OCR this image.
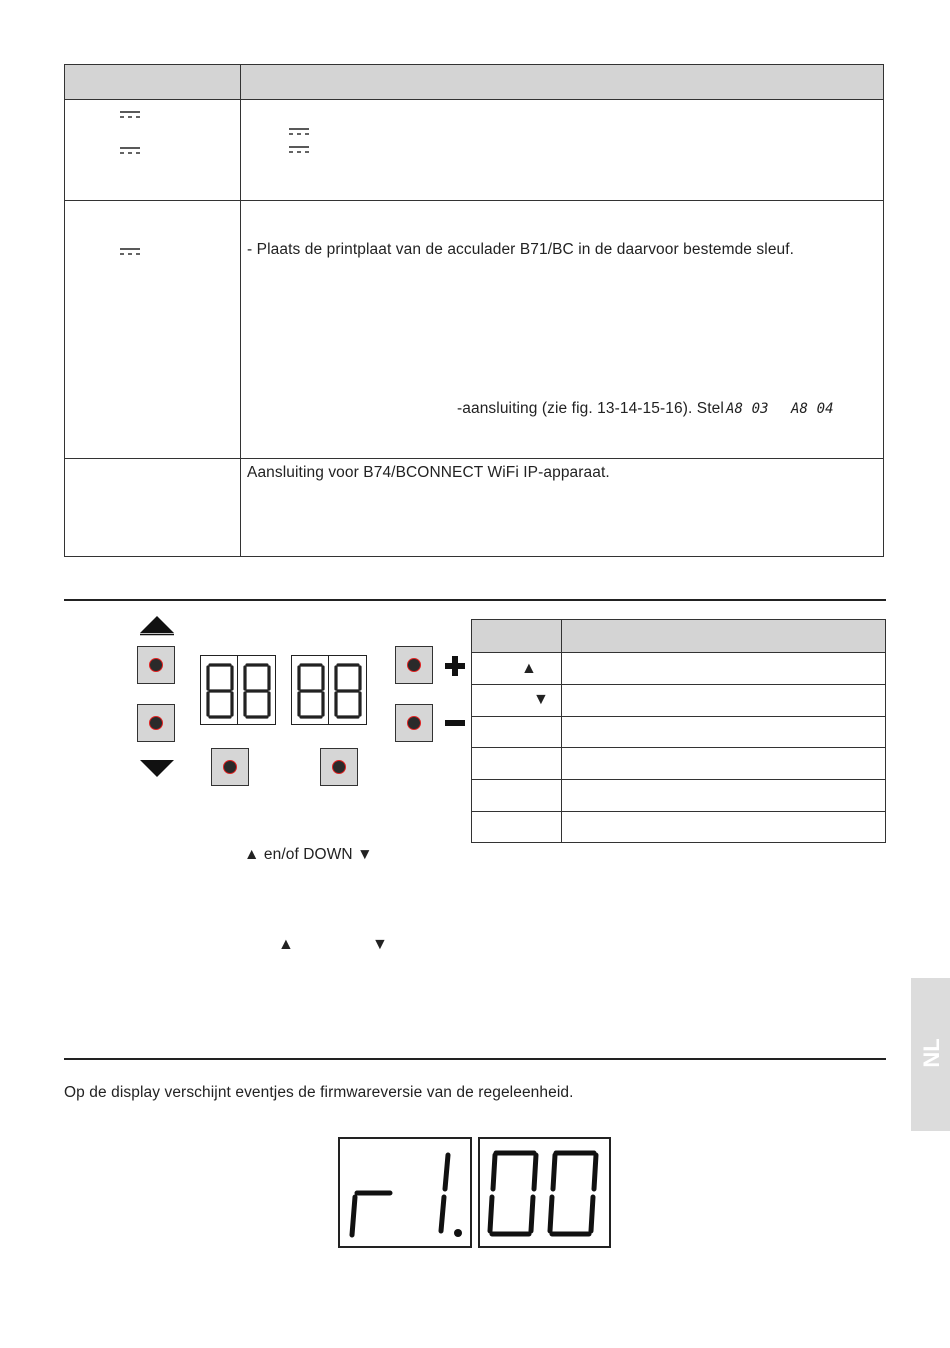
- Plaats de printplaat van de acculader B71/BC in de daarvoor bestemde sleuf.
-aansluiting (zie fig. 13-14-15-16). Stel A8 03 A8 04
Aansluiting voor B74/BCONNECT WiFi IP-apparaat.
▲ en/of DOWN ▼
▲	▼
▲
▼
Op de display verschijnt eventjes de firmwareversie van de regeleenheid.
NL
